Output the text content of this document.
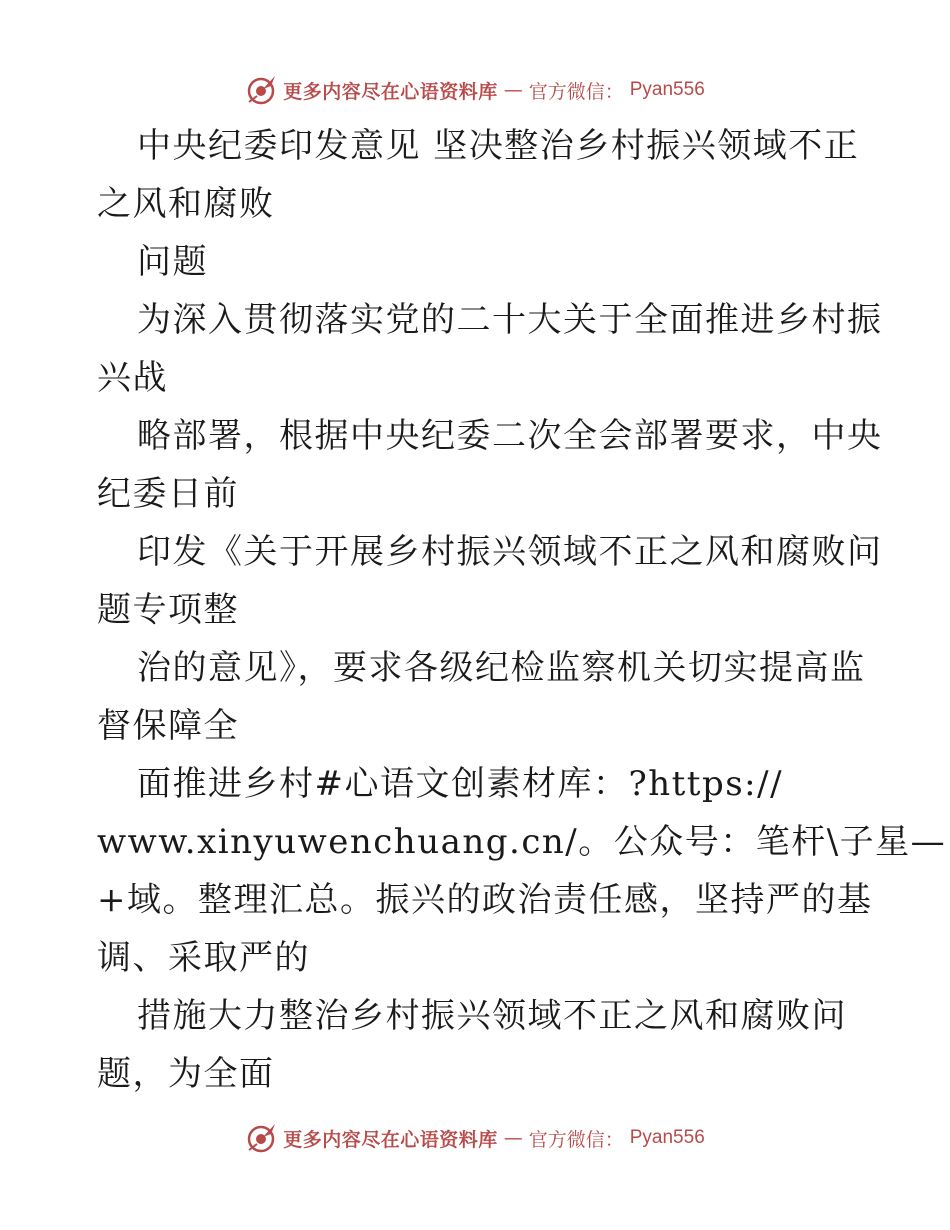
更多内容尽在心语资料库 — 官方微信： Pyan556
中央纪委印发意见 坚决整治乡村振兴领域不正
之风和腐败
问题
为深入贯彻落实党的二十大关于全面推进乡村振
兴战
略部署，根据中央纪委二次全会部署要求，中央
纪委日前
印发《关于开展乡村振兴领域不正之风和腐败问
题专项整
治的意见》，要求各级纪检监察机关切实提高监
督保障全
面推进乡村#心语文创素材库：?https://
www.xinyuwenchuang.cn/。公众号：笔杆\子星—
+域。整理汇总。振兴的政治责任感，坚持严的基
调、采取严的
措施大力整治乡村振兴领域不正之风和腐败问
题，为全面
更多内容尽在心语资料库 — 官方微信： Pyan556
